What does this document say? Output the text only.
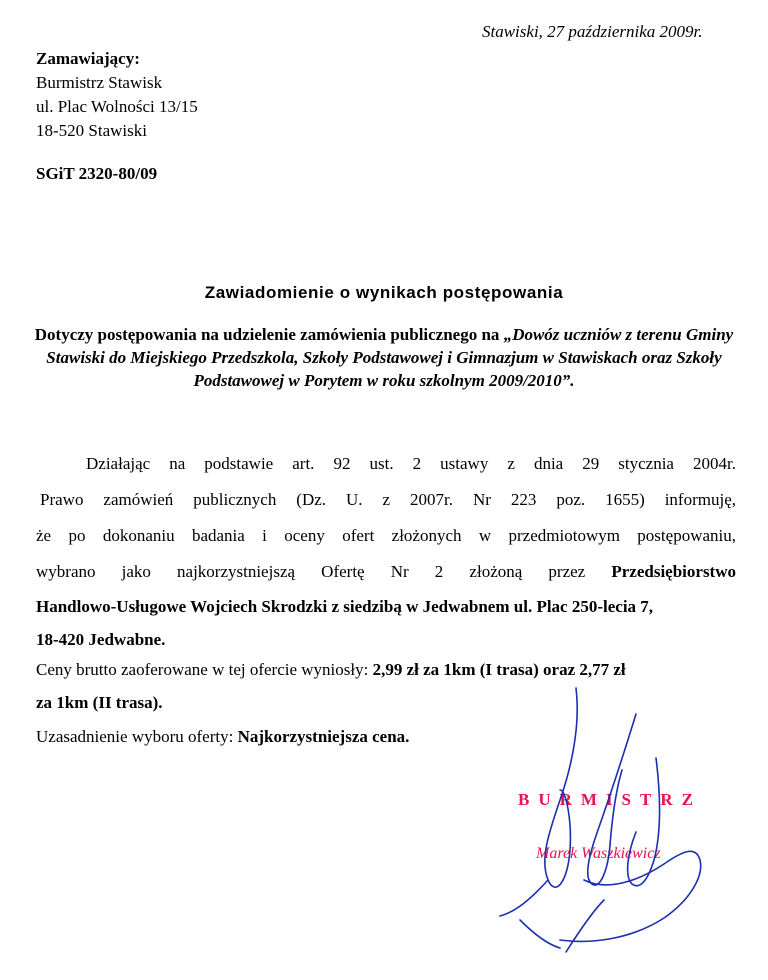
Stawiski, 27 października 2009r.
Zamawiający:
Burmistrz Stawisk
ul. Plac Wolności 13/15
18-520 Stawiski
SGiT 2320-80/09
Zawiadomienie o wynikach postępowania
Dotyczy postępowania na udzielenie zamówienia publicznego na „Dowóz uczniów z terenu Gminy Stawiski do Miejskiego Przedszkola, Szkoły Podstawowej i Gimnazjum w Stawiskach oraz Szkoły Podstawowej w Porytem w roku szkolnym 2009/2010”.
Działając na podstawie art. 92 ust. 2 ustawy z dnia 29 stycznia 2004r.
Prawo zamówień publicznych (Dz. U. z 2007r. Nr 223 poz. 1655) informuję,
że po dokonaniu badania i oceny ofert złożonych w przedmiotowym postępowaniu,
wybrano jako najkorzystniejszą Ofertę Nr 2 złożoną przez Przedsiębiorstwo
Handlowo-Usługowe Wojciech Skrodzki z siedzibą w Jedwabnem ul. Plac 250-lecia 7,
18-420 Jedwabne.
Ceny brutto zaoferowane w tej ofercie wyniosły: 2,99 zł za 1km (I trasa) oraz 2,77 zł
za 1km (II trasa).
Uzasadnienie wyboru oferty: Najkorzystniejsza cena.
BURMISTRZ
Marek Waszkiewicz
